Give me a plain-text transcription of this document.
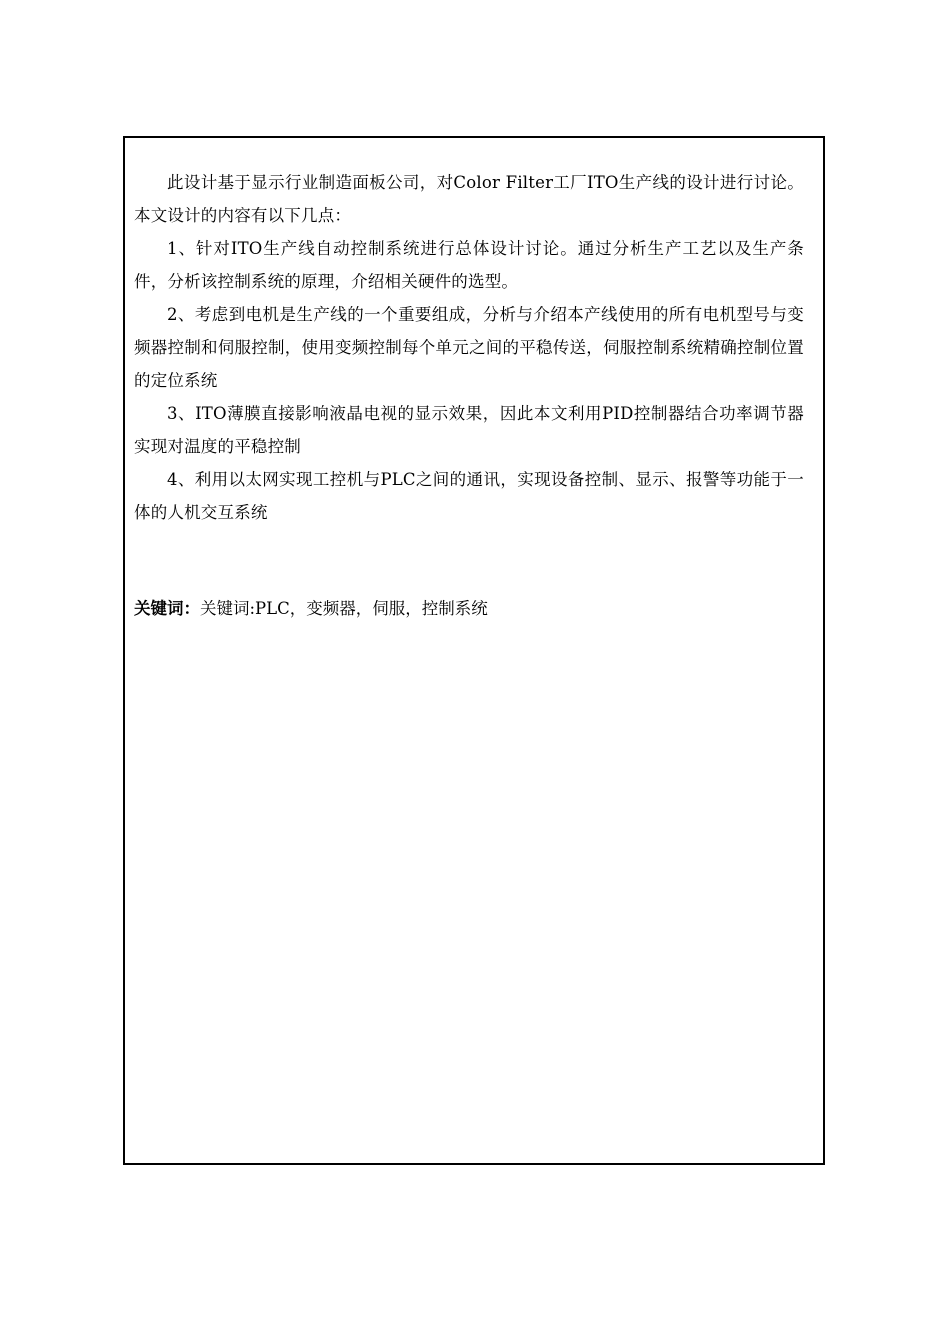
此设计基于显示行业制造面板公司，对Color Filter工厂ITO生产线的设计进行讨论。本文设计的内容有以下几点：

1、针对ITO生产线自动控制系统进行总体设计讨论。通过分析生产工艺以及生产条件，分析该控制系统的原理，介绍相关硬件的选型。

2、考虑到电机是生产线的一个重要组成，分析与介绍本产线使用的所有电机型号与变频器控制和伺服控制，使用变频控制每个单元之间的平稳传送，伺服控制系统精确控制位置的定位系统

3、ITO薄膜直接影响液晶电视的显示效果，因此本文利用PID控制器结合功率调节器实现对温度的平稳控制

4、利用以太网实现工控机与PLC之间的通讯，实现设备控制、显示、报警等功能于一体的人机交互系统

关键词：关键词:PLC，变频器，伺服，控制系统
